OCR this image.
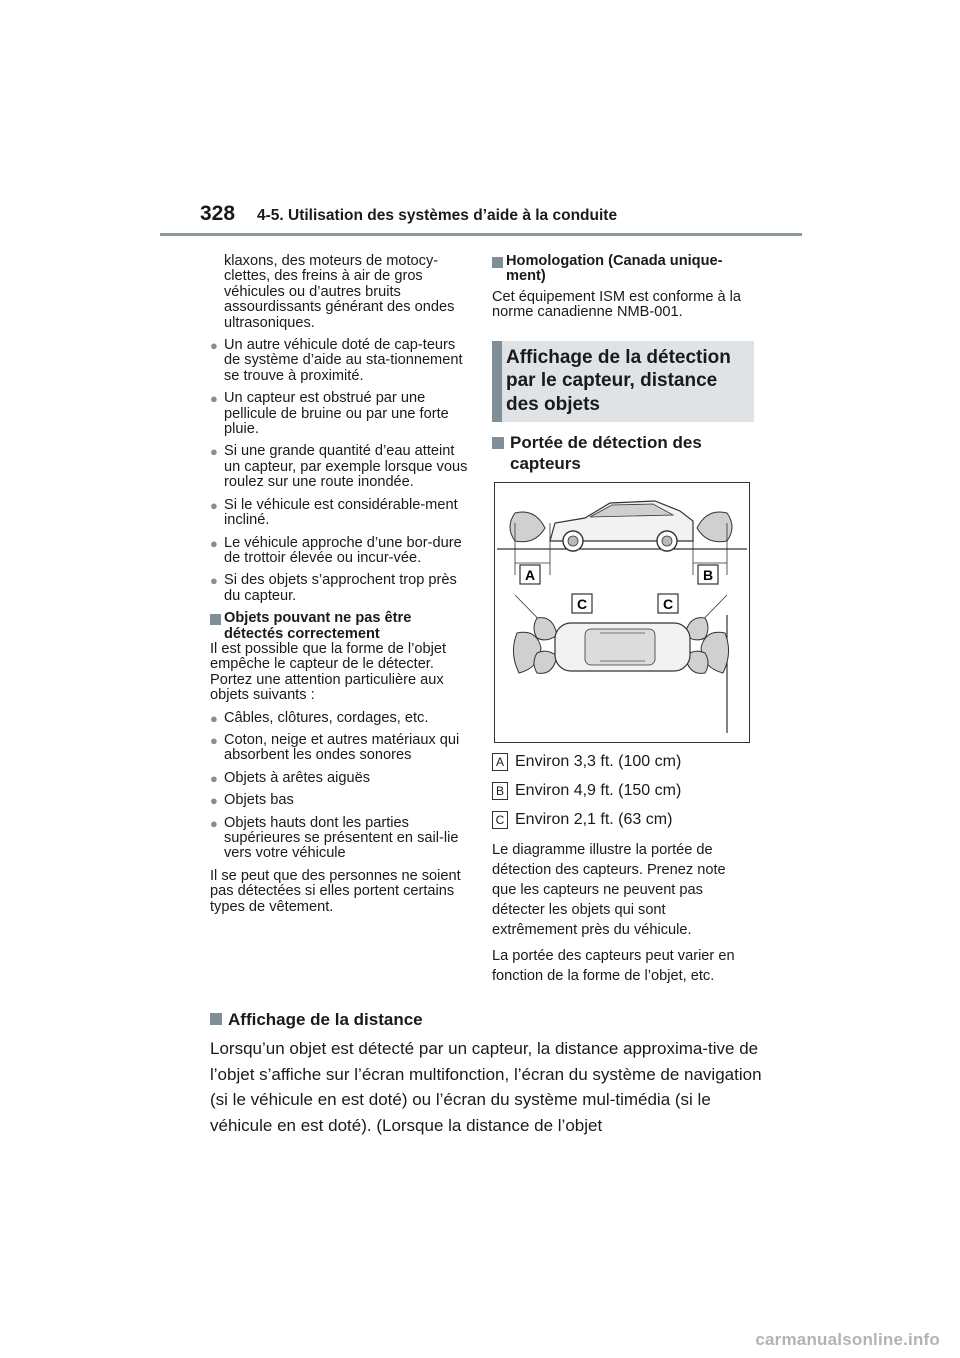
328 4-5. Utilisation des systèmes d’aide à la conduite
klaxons, des moteurs de motocy-clettes, des freins à air de gros véhicules ou d’autres bruits assourdissants générant des ondes ultrasoniques.
● Un autre véhicule doté de cap-teurs de système d’aide au sta-tionnement se trouve à proximité.
● Un capteur est obstrué par une pellicule de bruine ou par une forte pluie.
● Si une grande quantité d’eau atteint un capteur, par exemple lorsque vous roulez sur une route inondée.
● Si le véhicule est considérable-ment incliné.
● Le véhicule approche d’une bor-dure de trottoir élevée ou incur-vée.
● Si des objets s’approchent trop près du capteur.
Objets pouvant ne pas être détectés correctement
Il est possible que la forme de l’objet empêche le capteur de le détecter. Portez une attention particulière aux objets suivants :
● Câbles, clôtures, cordages, etc.
● Coton, neige et autres matériaux qui absorbent les ondes sonores
● Objets à arêtes aiguës
● Objets bas
● Objets hauts dont les parties supérieures se présentent en sail-lie vers votre véhicule
Il se peut que des personnes ne soient pas détectées si elles portent certains types de vêtement.
Homologation (Canada unique-ment)
Cet équipement ISM est conforme à la norme canadienne NMB-001.
Affichage de la détection par le capteur, distance des objets
Portée de détection des capteurs
A	B
C	C
A Environ 3,3 ft. (100 cm)
B Environ 4,9 ft. (150 cm)
C Environ 2,1 ft. (63 cm)
Le diagramme illustre la portée de détection des capteurs. Prenez note que les capteurs ne peuvent pas détecter les objets qui sont extrêmement près du véhicule.
La portée des capteurs peut varier en fonction de la forme de l’objet, etc.
Affichage de la distance
Lorsqu’un objet est détecté par un capteur, la distance approxima-tive de l’objet s’affiche sur l’écran multifonction, l’écran du système de navigation (si le véhicule en est doté) ou l’écran du système mul-timédia (si le véhicule en est doté). (Lorsque la distance de l’objet
carmanualsonline.info
